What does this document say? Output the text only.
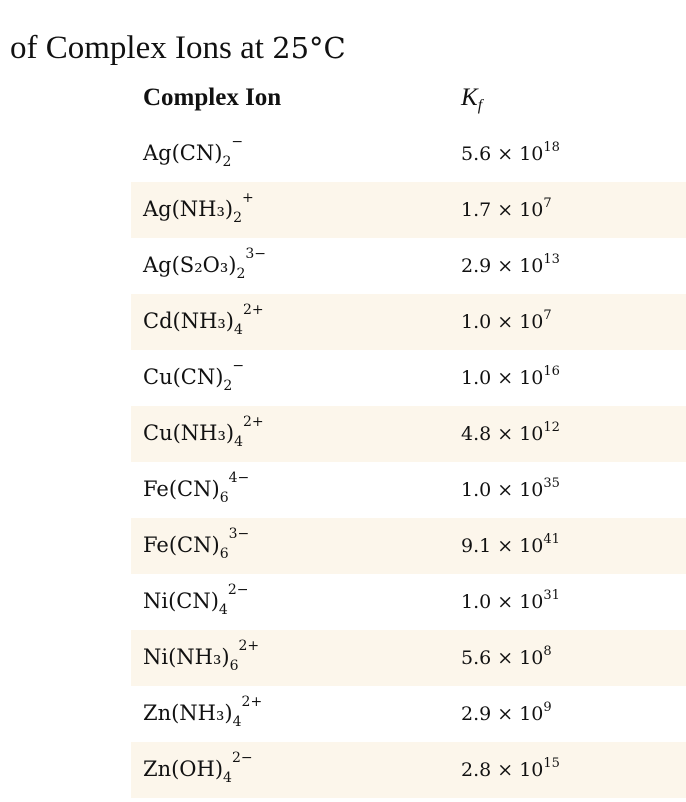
of Complex Ions at 25°C
Complex Ion	$K_f$
$Ag(CN)_2^-$
$5.6 \times 10^{18}$
$Ag(NH_3)_2^+$
$1.7 \times 10^7$
$Ag(S_2O_3)_2^{3-}$
$2.9 \times 10^{13}$
$Cd(NH_3)_4^{2+}$
$1.0 \times 10^7$
$Cu(CN)_2^-$
$1.0 \times 10^{16}$
$Cu(NH_3)_4^{2+}$
$4.8 \times 10^{12}$
$Fe(CN)_6^{4-}$
$1.0 \times 10^{35}$
$Fe(CN)_6^{3-}$
$9.1 \times 10^{41}$
$Ni(CN)_4^{2-}$
$1.0 \times 10^{31}$
$Ni(NH_3)_6^{2+}$
$5.6 \times 10^8$
$Zn(NH_3)_4^{2+}$
$2.9 \times 10^9$
$Zn(OH)_4^{2-}$
$2.8 \times 10^{15}$
